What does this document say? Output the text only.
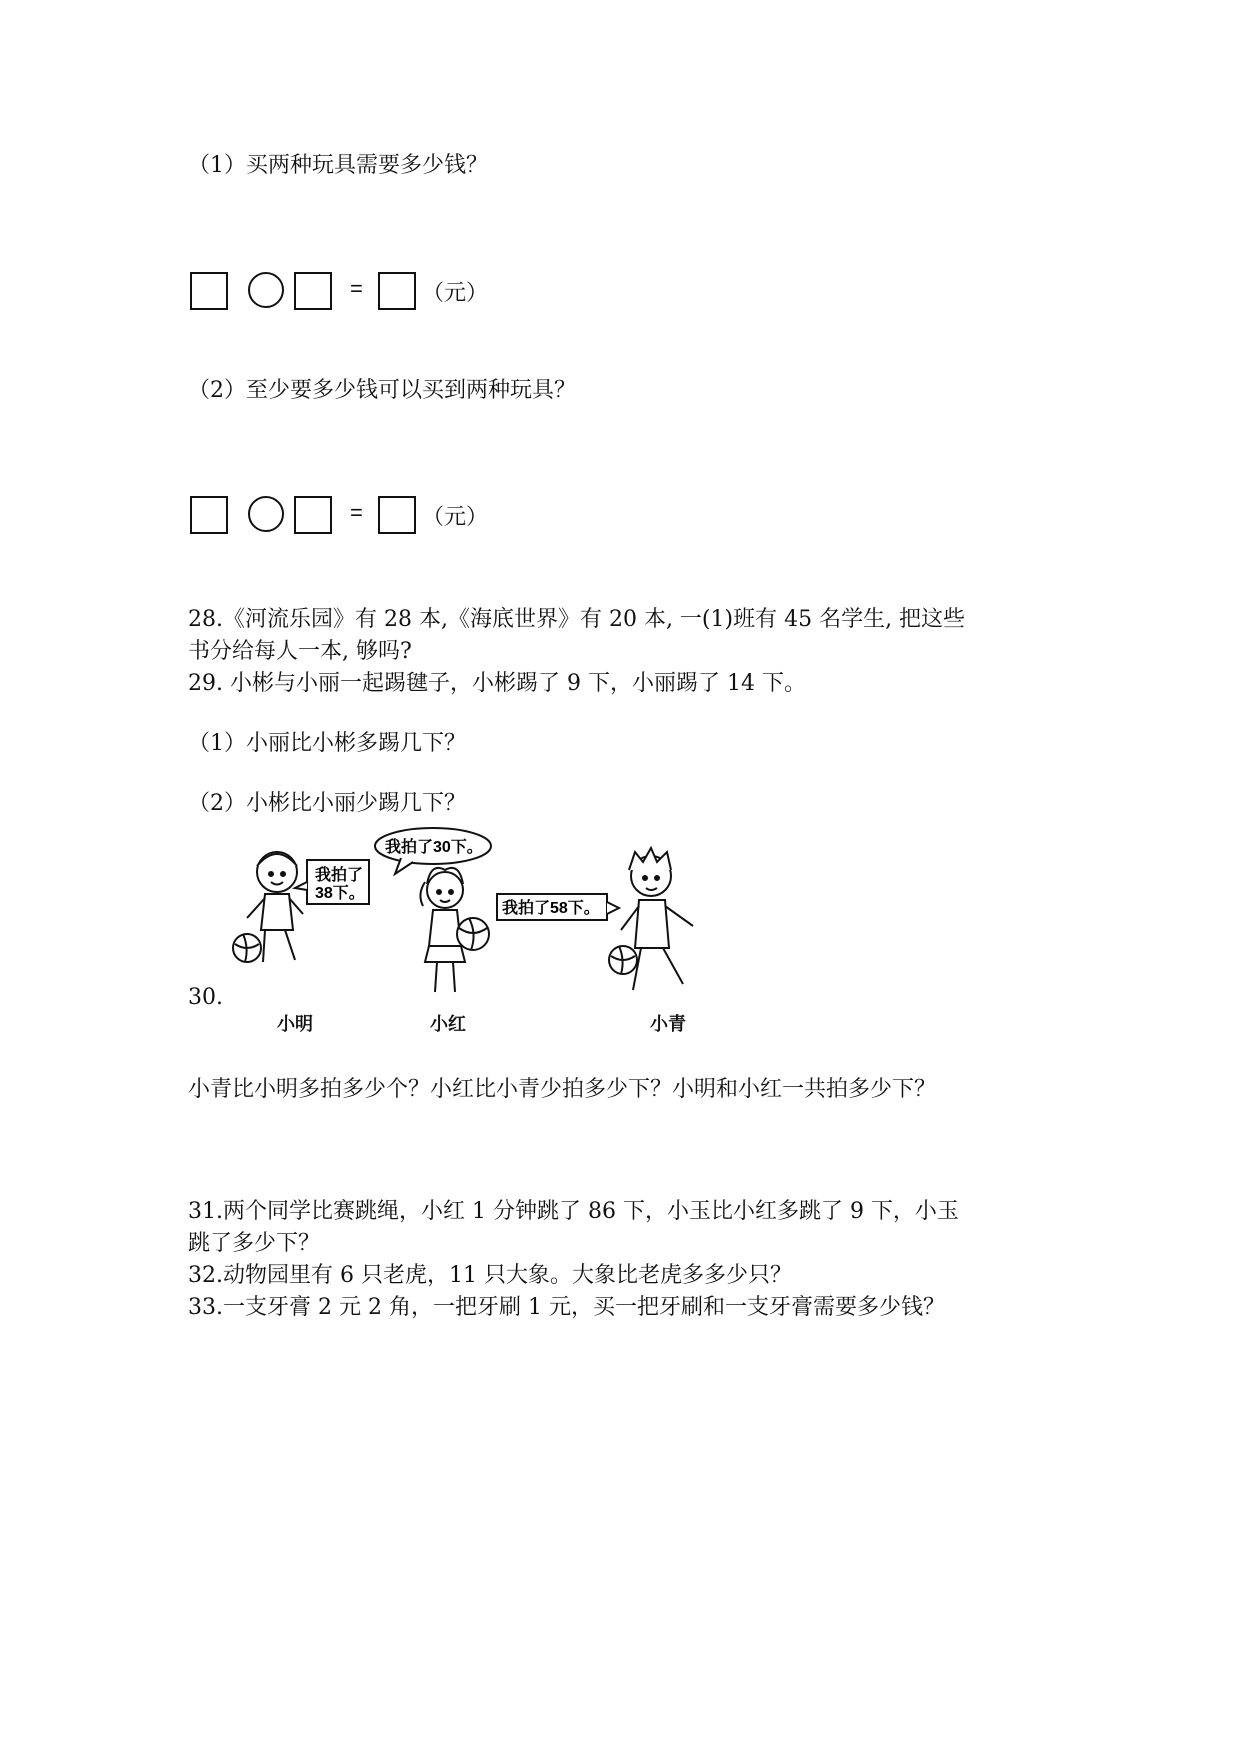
（1）买两种玩具需要多少钱？
=	（元）
（2）至少要多少钱可以买到两种玩具？
=	（元）
28.《河流乐园》有 28 本,《海底世界》有 20 本, 一(1)班有 45 名学生, 把这些
书分给每人一本, 够吗?
29. 小彬与小丽一起踢毽子，小彬踢了 9 下，小丽踢了 14 下。
（1）小丽比小彬多踢几下？
（2）小彬比小丽少踢几下？
30.
我拍了
38下。
我拍了30下。
我拍了58下。
小明	小红	小青
小青比小明多拍多少个？小红比小青少拍多少下？小明和小红一共拍多少下？
31.两个同学比赛跳绳，小红 1 分钟跳了 86 下，小玉比小红多跳了 9 下，小玉
跳了多少下？
32.动物园里有 6 只老虎，11 只大象。大象比老虎多多少只？
33.一支牙膏 2 元 2 角，一把牙刷 1 元，买一把牙刷和一支牙膏需要多少钱？
